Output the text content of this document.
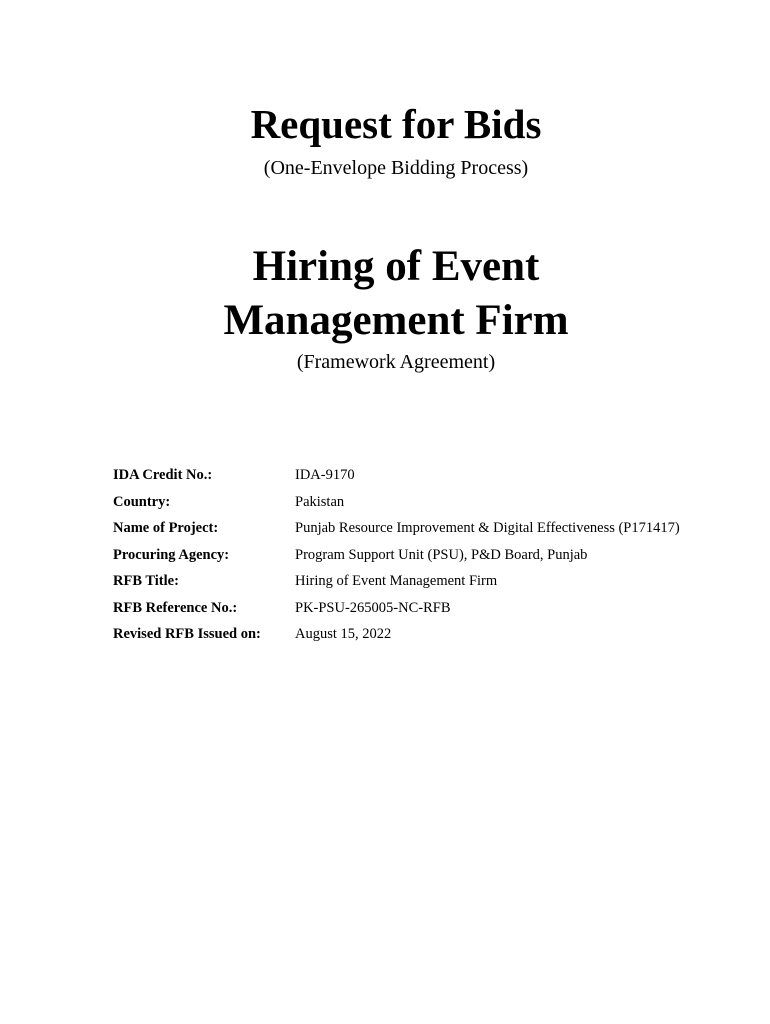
Request for Bids
(One-Envelope Bidding Process)
Hiring of Event
Management Firm
(Framework Agreement)
IDA Credit No.:	IDA-9170
Country:	Pakistan
Name of Project:	Punjab Resource Improvement & Digital Effectiveness (P171417)
Procuring Agency:	Program Support Unit (PSU), P&D Board, Punjab
RFB Title:	Hiring of Event Management Firm
RFB Reference No.:	PK-PSU-265005-NC-RFB
Revised RFB Issued on: August 15, 2022
